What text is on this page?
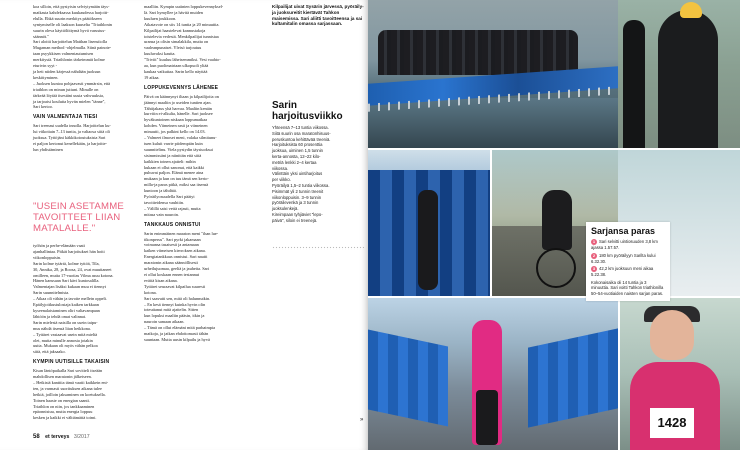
koa silloin, että pystyisin selviytymään täys-

matkasta kahdeksassa kuukaudessa harjoitt-

elulla. Ehkä suurin merkitys päätökseen

syntymiselle oli laakson kuuselta "Triathlonin

suurin oleva käyttöliittymä hyvä varustus-

säännöt."

Sari aloitti harjoittelun Matthan lisensiiolla

Mugaman method -ohjelmalla. Siinä painote-

taan psyykkisen valmentautumisen

merkitystä. Triathlonin tärkeimmät kolme

eturivin syyt -

ja heti niiden kärjessä nähdään juoksun

keskittyminen.

– Juoksen kuntoa pohjaavasti ymmärsin, että

triathlon on minun juttuni. Minulle on

tärkeää löytää itsestäni uusia vahvuuksia,

ja tarjoaisi koulutta hyvän mielen "tänne",

Sari kertoo.

VAIN VALMENTAJA TIESI

Sari treenasi uudella innolla. Harjoittelun ku-

lui viikottain 7–13 tuntia, ja valtaosa siitä oli

juoksua. Tyttöjäni käkkikotoutuksista Sari

ei paljon kertonut kenellekään, ja harjoitte-

lun yhdistäminen

"USEIN ASETAMME TAVOITTEET LIIAN MATALALLE."

työhön ja perhe-elämään vaati

ajanhallintaa. Pitkät harjoitukset hän hoiti

viikonloppuisin.

Sarin kolme tytärtä, kolme tyttöä, Tila,

30, Annika, 28, ja Roosa, 24, ovat muuttaneet

omilleen, mutta 17-vuotias Vilma asuu kotona.

Hänen kanssaan Sari kävi kuntosalilla.

Valmentajan lisäksi kukaan muu ei tiennyt

Sarin suunnitelmista.

– Aikaa oli vähän ja tavoite mellein oppeli.

Epäilyjoitkustulostaja kaiken tarkkaan

kyseenalaistaminen oliri valtavampaan

lähtöön ja tehdä omat valinnat.

Sarin mielestä naisilla on usein taipu-

mus nähdä itsensä liian heikkona.

– Tyttäret vastaavat usein mitä mieltä

olet, mutta minulle annosta jotakin

uutta. Mukaan oli myös vähän pelkoa

siitä, että jaksaako.

KYMPIN UUTISILLE TAKAISIN

Kisan läntöpaikalla Sari sovitteli itseään

mahdollisen maratonin jälkeiseen.

– Hetkistä kanttiia tämä vaatii kaikkein eni-

ten, ja varmasti suorituksen aikana tulee

hetkiä, joilloin jaksaminen on koetuksella.

Toinen haaste on energian saanti.

Triathlon on niin, jos tankkaaminen

epäonnistuu, mutta energia loppuu

kesken ja kaikki ei välttämättä toimi.

maalliin. Kympin uutinten loppukevennyksel-

lä. Sari hymyllee ja hävitä muiden

kuuluen joukkoon.

Aikatavote on siis 14 tuntia ja 20 minuuttia.

Kilpailijat haastelevat kannustakoja

toistelevia vedestä. Menkilpailijat tunnistaa

uransa ja olisin simalakkila, mutta on

vaaleanpunaiset. Yleisö tarjoutuu

kuuluvaksi kautta.

"Triviit" kuuluu läheisemmiksi. Vesi vaahto-

aa, kun puolimatriaan ulkopuoli yltää

kaukaa vaikuttaa. Sarin kello näyttää

19 aikaa.

LOPPUKEVENNYS LÄHENEE

Päivä on käännynyt iltaan ja kilpailijoita on

jäännyt maaliin jo useiden tuntien ajan.

Tähtijakaus yhä harvaa. Maaliin kentän

kurviiin ei-alkulta, hänelle. Sari juoksee

hyväkuntoinen niskaan loppumatkaa

kohden. Viimeinen rasti ja viimeinen

minuutti, jos palkint kello on 14.03.

– Valmeet ilmoset meni, valaka silmitunu-

tuen kuluit varrie piidemptän kuin

suunnitelinu. Viela pystydin täysiuoksui

sisimmissäni ja niinittän että siitä

kaikkien toinen ajatteli: mihin

kukaan ei ollut sanonut, että kaikki

puhuvat paljon. Elämä menee aina

mukaan ja kun on tuu tämä sen kerto-

milla-ja paras pitkä, miksi saa itsensä

kuntoon ja tähdätä.

Pyöräilyosuudella Sari päätyi

tavoitteidensa vauhtiin.

– Välillä saisi vettä rajasti, mutta

mitasa vain nauroin.

TANKKAUS ONNISTUI

Sarin enimmäinen maraton meni "ihan lue-

tikonperus". Sari pyrki jakamaan

voimansa tasaisesti ja antamaan

kaiken viimeisen kierroksen aikana.

Energiatankkaus onnistui. Sari nautti

maratonin aikana säännöllisesti

urheilujuomaa, geeliä ja jauheita. Sari

ei ollut koskaan ennen testannut

eväitä kisan aikana.

Tyttäret seuraavat kilpailua suuresti

kotona.

Sari saavutti sen, mitä oli halunnutkin.

– En kesä tiennyt kuinka hyvin olin

toteuttanut mitä ajattelin. Sitten

kun lopuksi maaliin pääsin, itkin ja

nauroin samaan aikaan.

– Tämä on ollut elämäni mitä parhaimpia

matkoja, ja jatkan ehdottomasti tähän

suuntaan. Mutta uusin kilpailu ja hyvä

Kilpailijat uivat Sysärin järvessä, pyöräily- ja juoksureitit kiertävät Tahkon maisemissa. Sari aliitti tavoitteensa ja sai kultamitalin omassa sarjassaan.
Sarin harjoitusviikko
Yhteensä 7–13 tuntia viikossa.
Siitä suurin osa maratonhisuus-
peruskuntoa kehittävää treeniä.
Harjoituksista 60 prosenttia
juoksua, uiminen 1,5 tunnin
kerta-annosta, 12–22 kilo-
metriä lenkki 2–4 kertaa
viikossa.
Välinttäin yksi uintiharjoitus
per viikko.
Pyöräilyä 1,5–2 tuntia viikossa.
Pisimmät yli 2 tunnin treenit
viikonloppuisin. 3–9 tunnin
pyöräilevenkä ja 3 tunnin
juoksulenkejä.
Kireimpaan tyhjiäviet "lepo-
päivä", siloin ei treenejä.
58 et terveys 3/2017
»	1428
Sarjansa paras
1 Sari selvitti uintiosuuden 3,8 km ajassa 1.57.57.
2 180 km pyöräilyyn Sarilta kului 6.32.30.
3 42,2 km juoksuun meni aikaa 5.22.38.
Kokonaisaika oli 14 tuntia ja 3 minuuttia. Sari voitti Tahkon triathlonilla 50–54-vuotiaiden naisten sarjan paras.
